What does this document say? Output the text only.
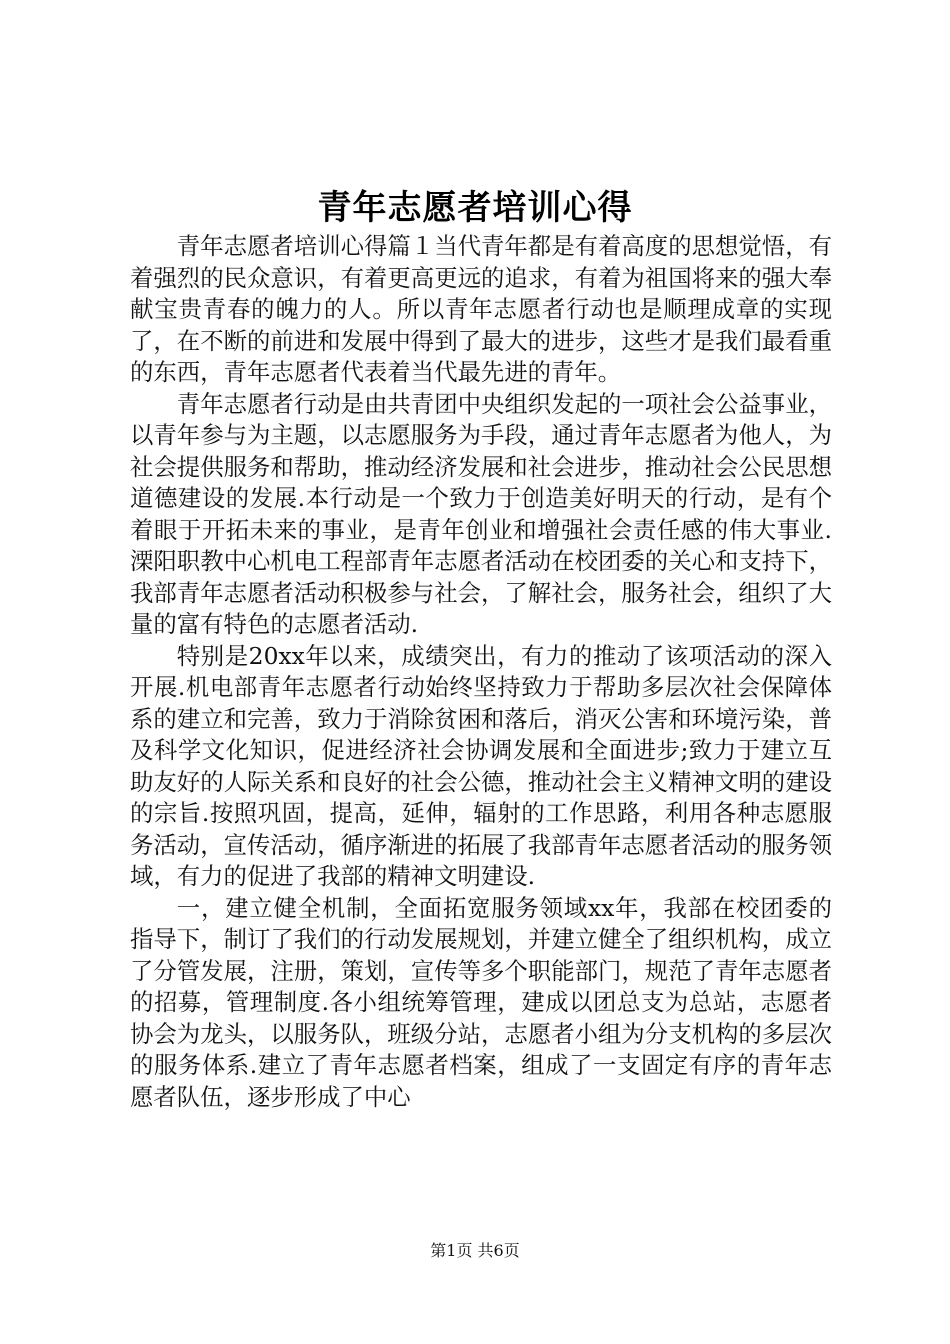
青年志愿者培训心得

青年志愿者培训心得篇１当代青年都是有着高度的思想觉悟，有着强烈的民众意识，有着更高更远的追求，有着为祖国将来的强大奉献宝贵青春的魄力的人。所以青年志愿者行动也是顺理成章的实现了，在不断的前进和发展中得到了最大的进步，这些才是我们最看重的东西，青年志愿者代表着当代最先进的青年。

青年志愿者行动是由共青团中央组织发起的一项社会公益事业，以青年参与为主题，以志愿服务为手段，通过青年志愿者为他人，为社会提供服务和帮助，推动经济发展和社会进步，推动社会公民思想道德建设的发展.本行动是一个致力于创造美好明天的行动，是有个着眼于开拓未来的事业，是青年创业和增强社会责任感的伟大事业.溧阳职教中心机电工程部青年志愿者活动在校团委的关心和支持下，我部青年志愿者活动积极参与社会，了解社会，服务社会，组织了大量的富有特色的志愿者活动.

特别是20xx年以来，成绩突出，有力的推动了该项活动的深入开展.机电部青年志愿者行动始终坚持致力于帮助多层次社会保障体系的建立和完善，致力于消除贫困和落后，消灭公害和环境污染，普及科学文化知识，促进经济社会协调发展和全面进步;致力于建立互助友好的人际关系和良好的社会公德，推动社会主义精神文明的建设的宗旨.按照巩固，提高，延伸，辐射的工作思路，利用各种志愿服务活动，宣传活动，循序渐进的拓展了我部青年志愿者活动的服务领域，有力的促进了我部的精神文明建设.

一，建立健全机制，全面拓宽服务领域xx年，我部在校团委的指导下，制订了我们的行动发展规划，并建立健全了组织机构，成立了分管发展，注册，策划，宣传等多个职能部门，规范了青年志愿者的招募，管理制度.各小组统筹管理，建成以团总支为总站，志愿者协会为龙头，以服务队，班级分站，志愿者小组为分支机构的多层次的服务体系.建立了青年志愿者档案，组成了一支固定有序的青年志愿者队伍，逐步形成了中心

第1页 共6页
